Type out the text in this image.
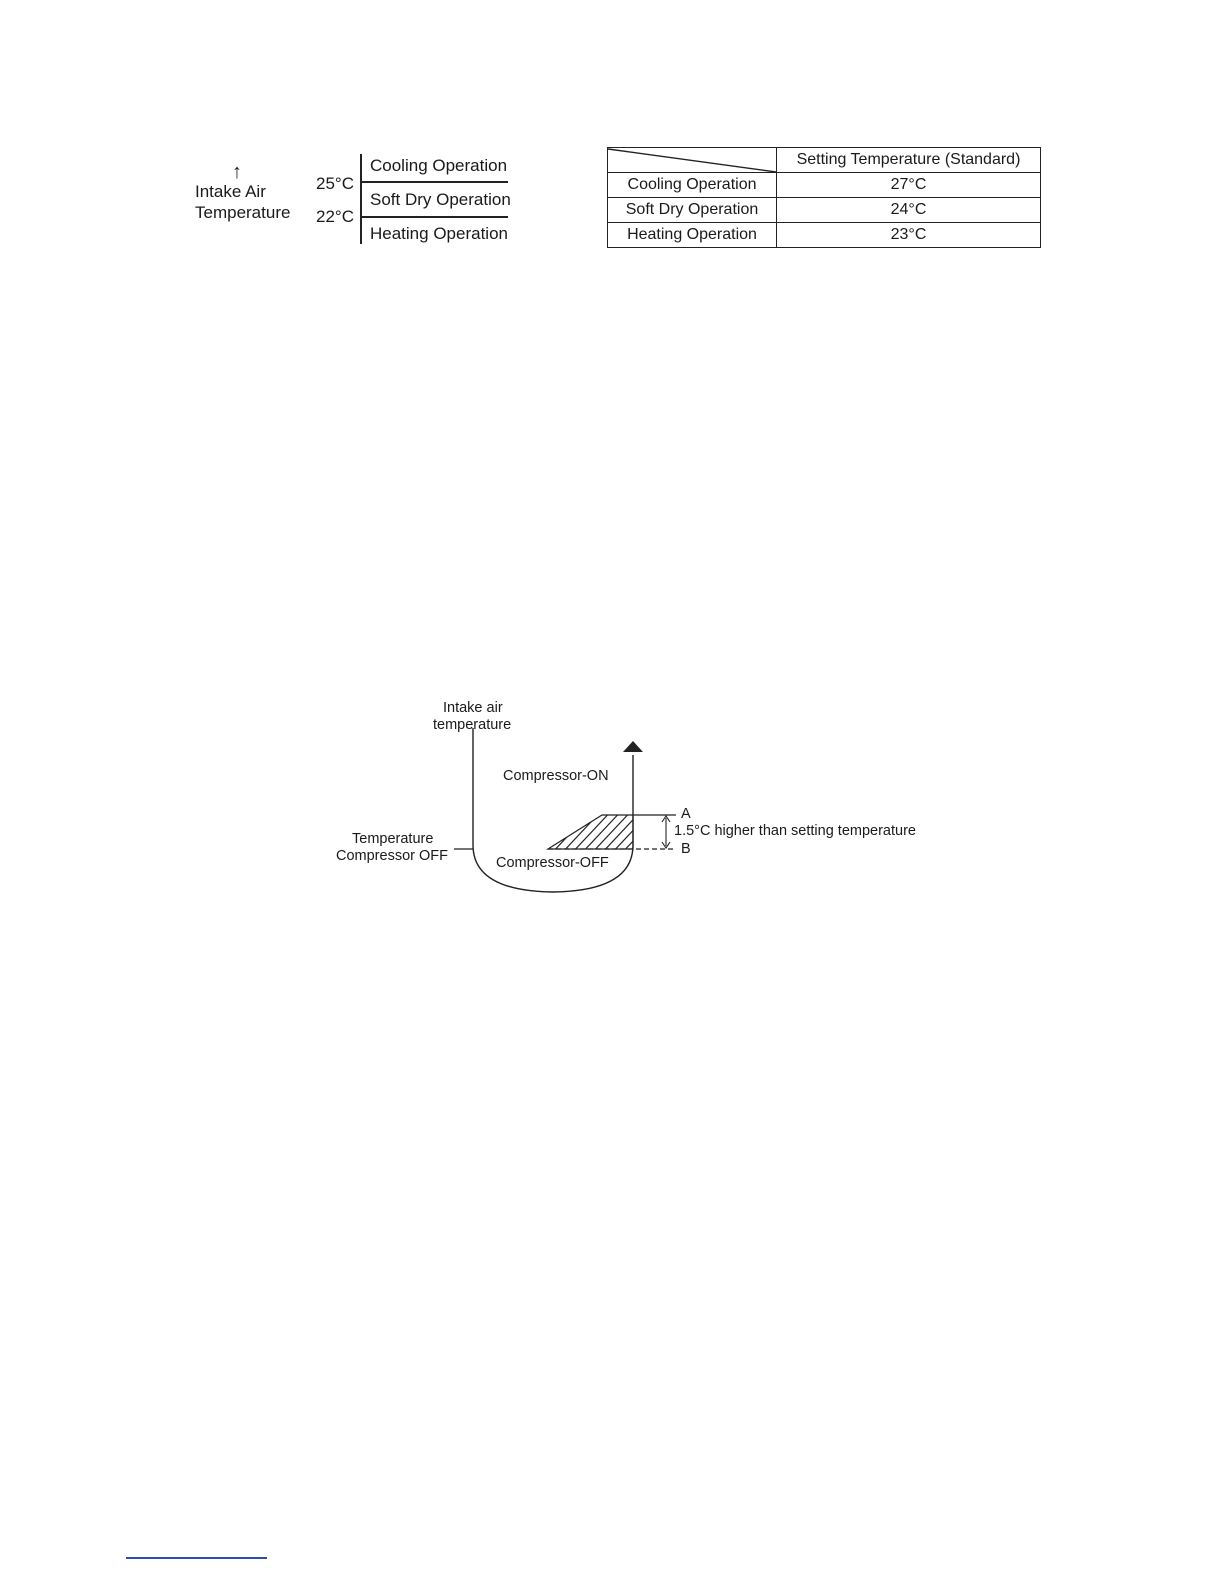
↑
Intake Air
Temperature
25°C
22°C
Cooling Operation
Soft Dry Operation
Heating Operation
	Setting Temperature (Standard)
Cooling Operation	27°C
Soft Dry Operation	24°C
Heating Operation	23°C
Intake air
temperature
Compressor-ON
Compressor-OFF
Temperature
Compressor OFF
A
B
1.5°C higher than setting temperature
